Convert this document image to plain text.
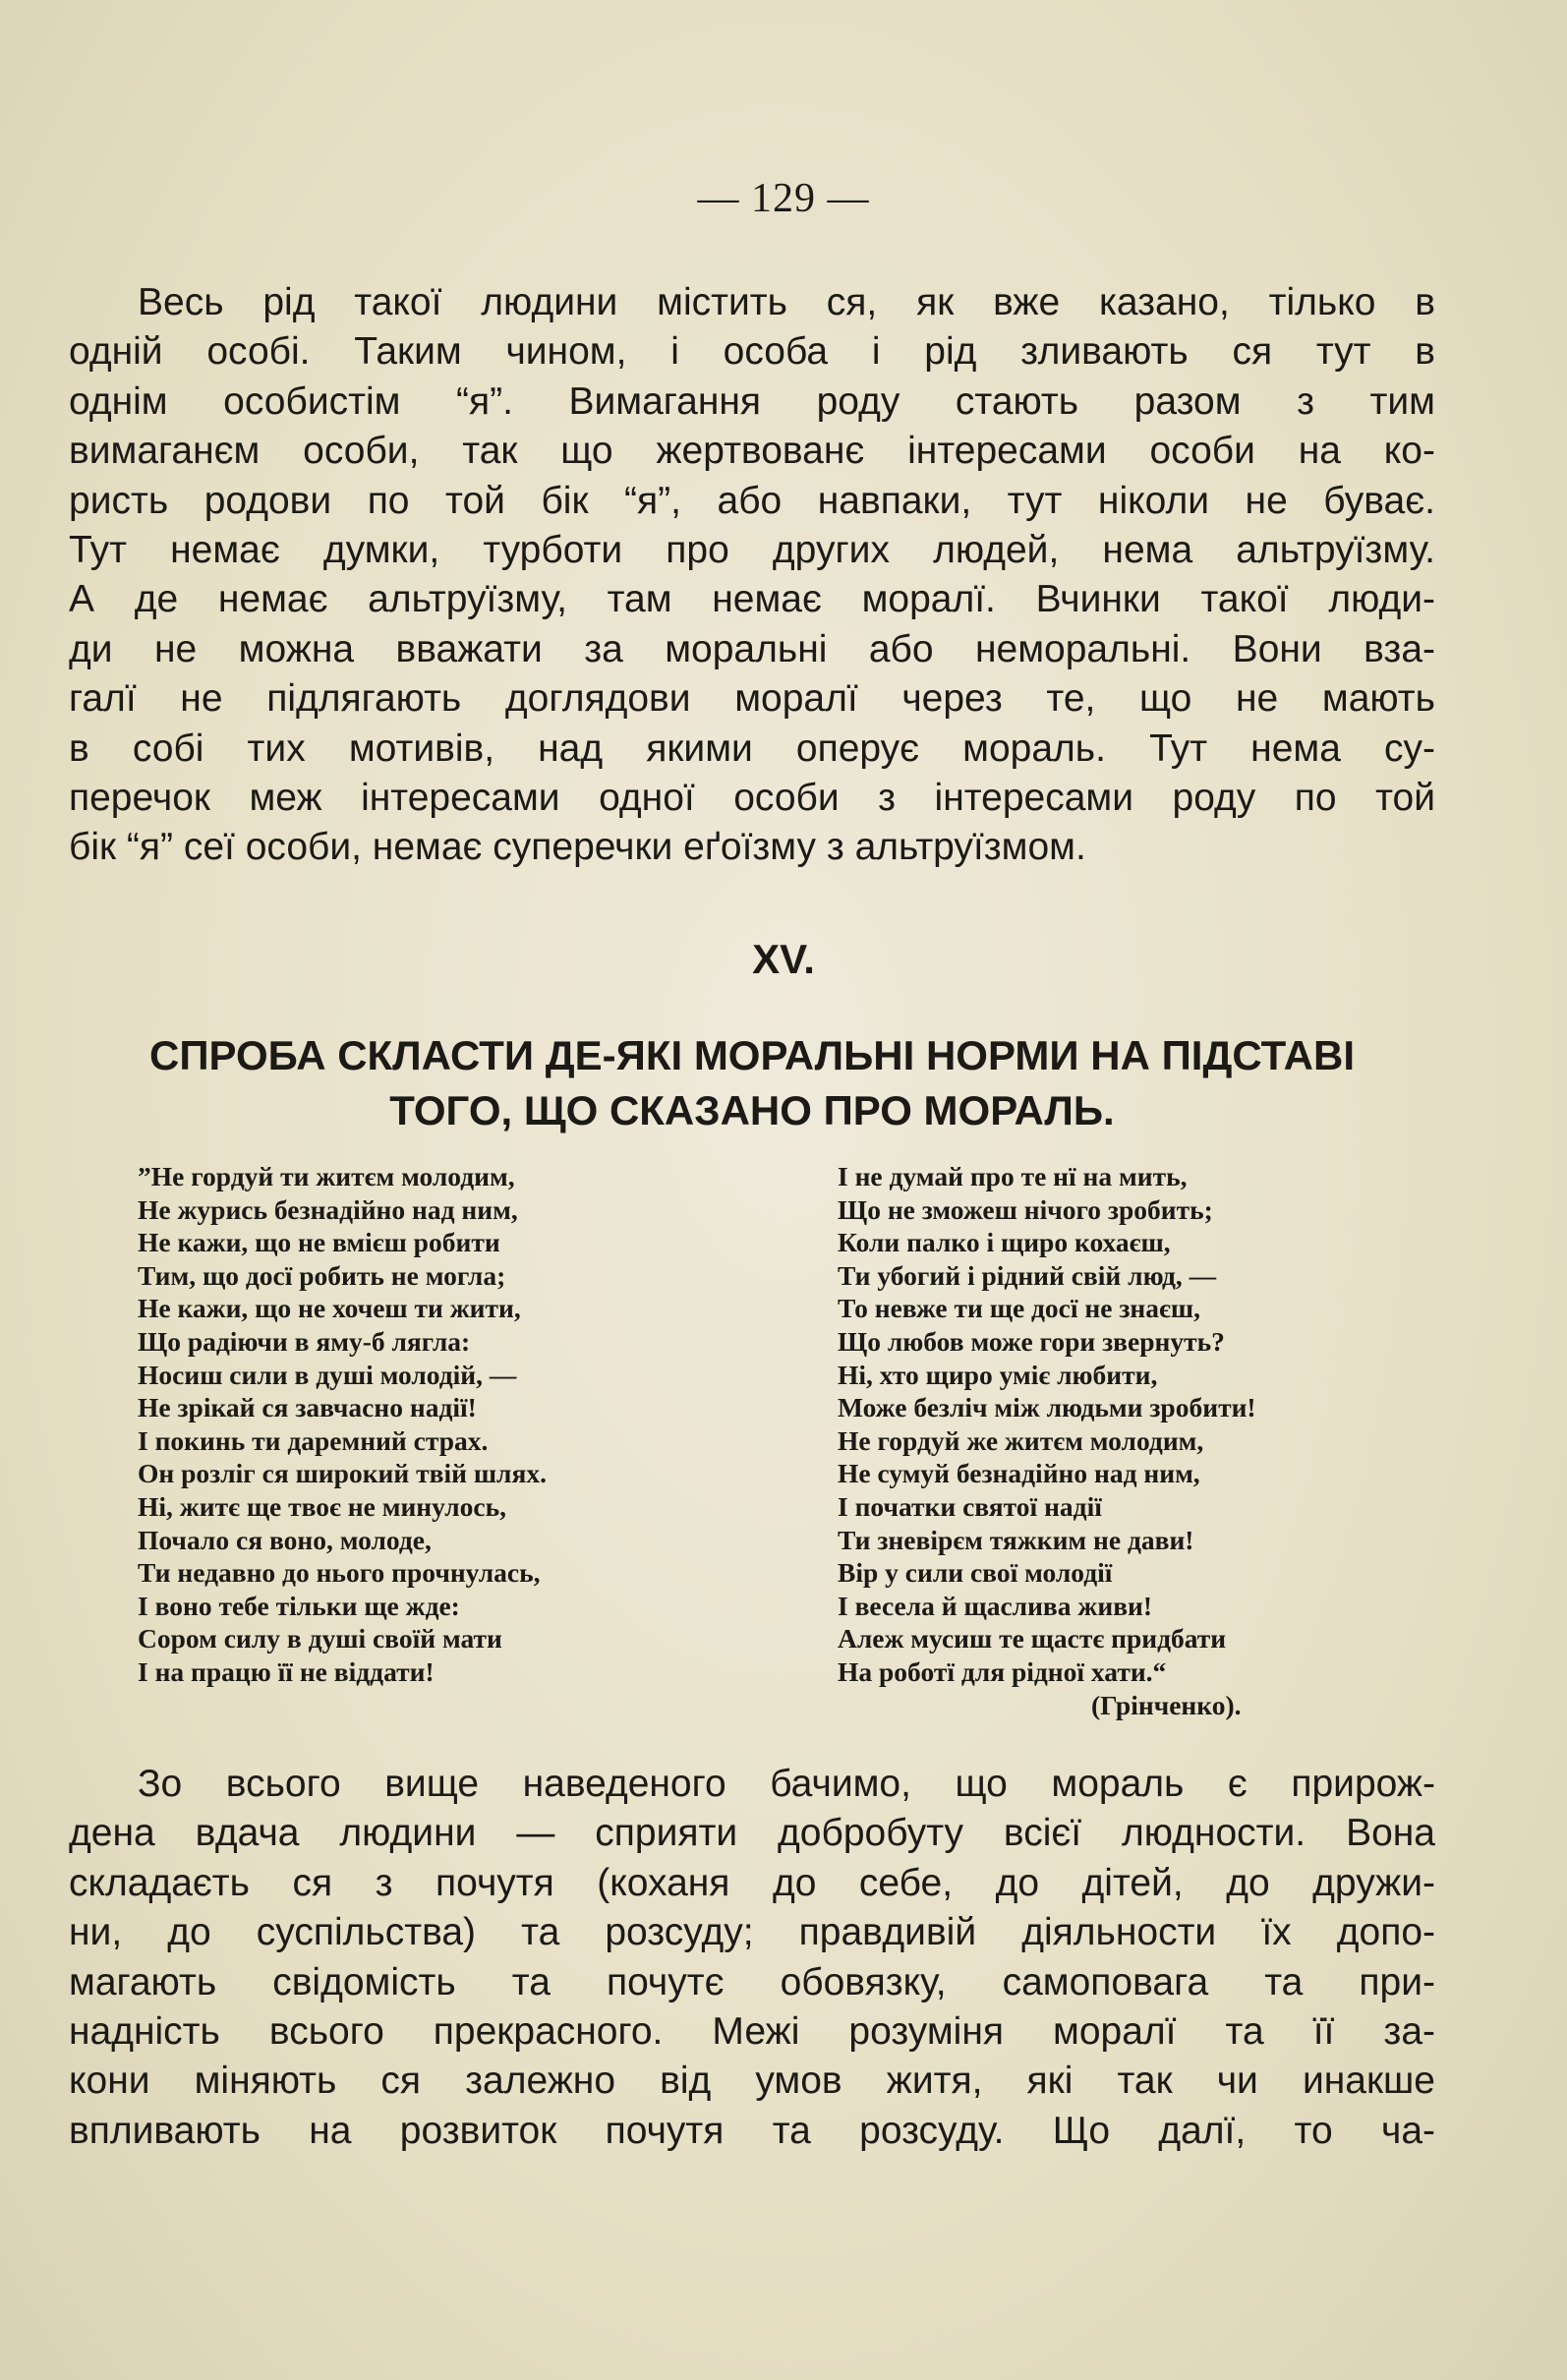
— 129 —
Весь рід такої людини містить ся, як вже казано, тілько в
одній особі. Таким чином, і особа і рід зливають ся тут в
однім особистім “я”. Вимагання роду стають разом з тим
вимаганєм особи, так що жертвованє інтересами особи на ко-
ристь родови по той бік “я”, або навпаки, тут ніколи не буває.
Тут немає думки, турботи про других людей, нема альтруїзму.
А де немає альтруїзму, там немає моралї. Вчинки такої люди-
ди не можна вважати за моральні або неморальні. Вони вза-
галї не підлягають доглядови моралї через те, що не мають
в собі тих мотивів, над якими оперує мораль. Тут нема су-
перечок меж інтересами одної особи з інтересами роду по той
бік “я” сеї особи, немає суперечки еґоїзму з альтруїзмом.
XV.
СПРОБА СКЛАСТИ ДЕ-ЯКІ МОРАЛЬНІ НОРМИ НА ПІДСТАВІ
ТОГО, ЩО СКАЗАНО ПРО МОРАЛЬ.
”Не гордуй ти житєм молодим,
Не журись безнадійно над ним,
Не кажи, що не вмієш робити
Тим, що досї робить не могла;
Не кажи, що не хочеш ти жити,
Що радіючи в яму-б лягла:
Носиш сили в душі молодій, —
Не зрікай ся завчасно надії!
І покинь ти даремний страх.
Он розліг ся широкий твій шлях.
Ні, житє ще твоє не минулось,
Почало ся воно, молоде,
Ти недавно до нього прочнулась,
І воно тебе тільки ще жде:
Сором силу в душі своїй мати
І на працю її не віддати!
І не думай про те нї на мить,
Що не зможеш нічого зробить;
Коли палко і щиро кохаєш,
Ти убогий і рідний свій люд, —
То невже ти ще досї не знаєш,
Що любов може гори звернуть?
Ні, хто щиро уміє любити,
Може безліч між людьми зробити!
Не гордуй же житєм молодим,
Не сумуй безнадійно над ним,
І початки святої надії
Ти зневірєм тяжким не дави!
Вір у сили свої молодії
І весела й щаслива живи!
Алеж мусиш те щастє придбати
На роботї для рідної хати.“
(Грінченко).
Зо всього вище наведеного бачимо, що мораль є прирож-
дена вдача людини — сприяти добробуту всієї людности. Вона
складаєть ся з почутя (коханя до себе, до дітей, до дружи-
ни, до суспільства) та розсуду; правдивій діяльности їх допо-
магають свідомість та почутє обовязку, самоповага та при-
надність всього прекрасного. Межі розуміня моралї та її за-
кони міняють ся залежно від умов житя, які так чи инакше
впливають на розвиток почутя та розсуду. Що далї, то ча-
